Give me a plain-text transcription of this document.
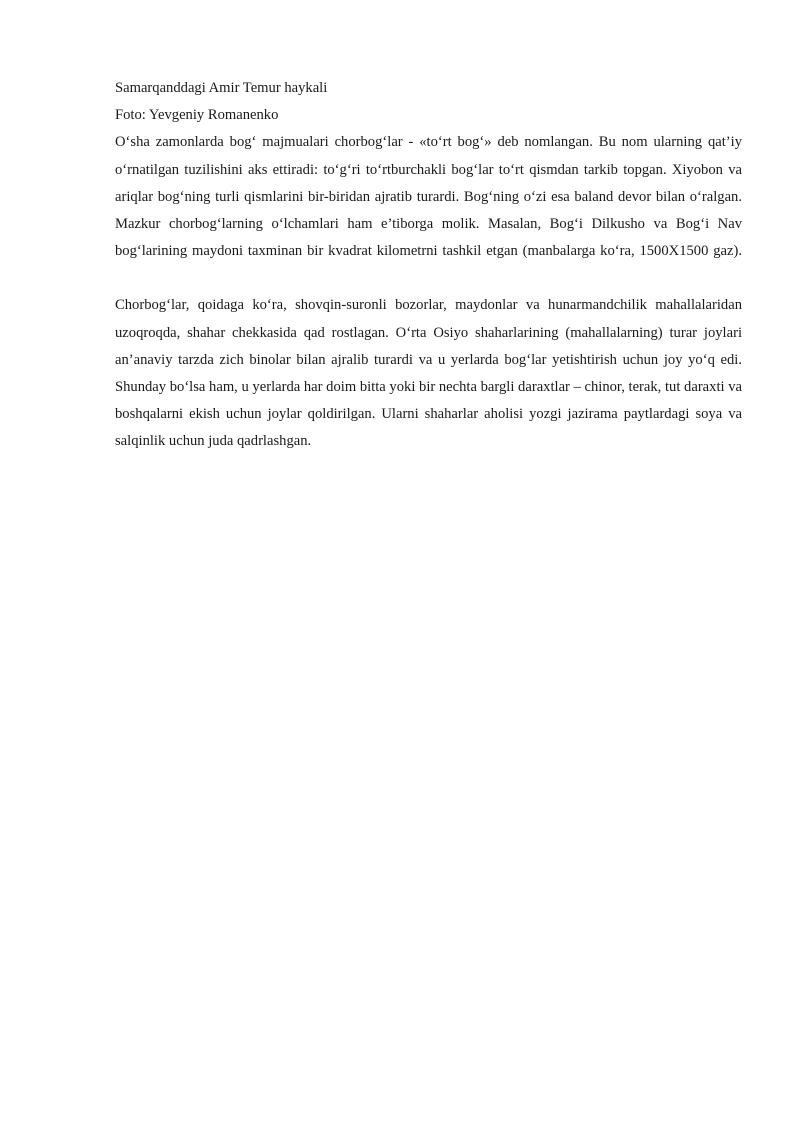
Samarqanddagi Amir Temur haykali
Foto: Yevgeniy Romanenko

O‘sha zamonlarda bog‘ majmualari chorbog‘lar - «to‘rt bog‘» deb nomlangan. Bu nom ularning qat’iy o‘rnatilgan tuzilishini aks ettiradi: to‘g‘ri to‘rtburchakli bog‘lar to‘rt qismdan tarkib topgan. Xiyobon va ariqlar bog‘ning turli qismlarini bir-biridan ajratib turardi. Bog‘ning o‘zi esa baland devor bilan o‘ralgan. Mazkur chorbog‘larning o‘lchamlari ham e’tiborga molik. Masalan, Bog‘i Dilkusho va Bog‘i Nav bog‘larining maydoni taxminan bir kvadrat kilometrni tashkil etgan (manbalarga ko‘ra, 1500X1500 gaz).

Chorbog‘lar, qoidaga ko‘ra, shovqin-suronli bozorlar, maydonlar va hunarmandchilik mahallalaridan uzoqroqda, shahar chekkasida qad rostlagan. O‘rta Osiyo shaharlarining (mahallalarning) turar joylari an’anaviy tarzda zich binolar bilan ajralib turardi va u yerlarda bog‘lar yetishtirish uchun joy yo‘q edi. Shunday bo‘lsa ham, u yerlarda har doim bitta yoki bir nechta bargli daraxtlar – chinor, terak, tut daraxti va boshqalarni ekish uchun joylar qoldirilgan. Ularni shaharlar aholisi yozgi jazirama paytlardagi soya va salqinlik uchun juda qadrlashgan.
